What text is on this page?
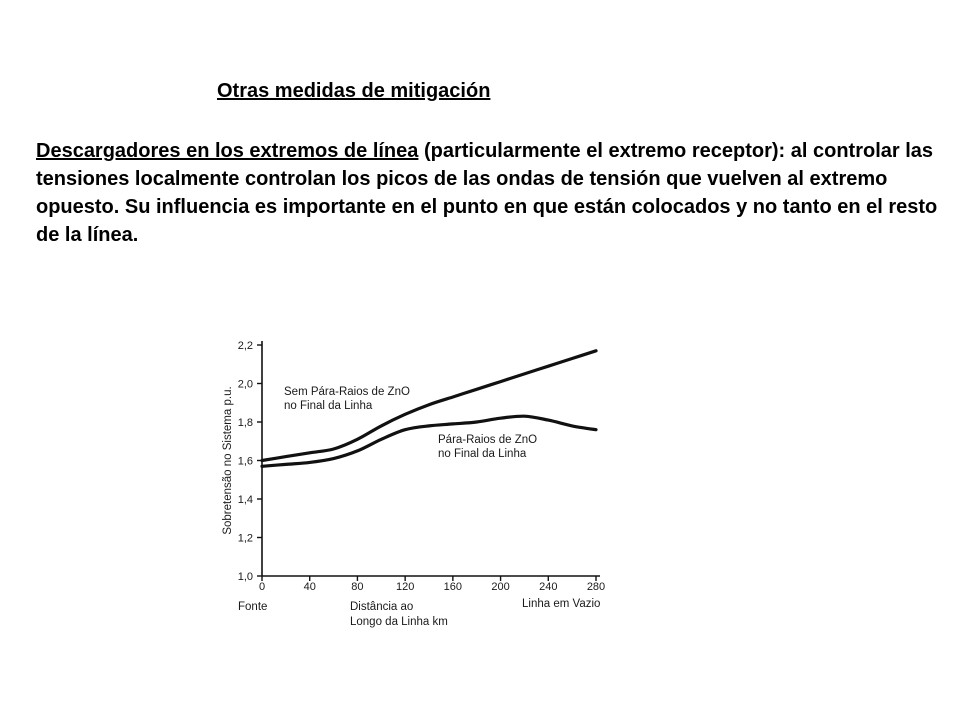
Otras medidas de mitigación

Descargadores en los extremos de línea (particularmente el extremo receptor): al controlar las tensiones localmente controlan los picos de las ondas de tensión que vuelven al extremo opuesto. Su influencia es importante en el punto en que están colocados y no tanto en el resto de la línea.

1,0
1,2
1,4
1,6
1,8
2,0
2,2
0	40	80	120	160	200	240	280
Sobretensão no Sistema p.u.
Distância ao
Longo da Linha km
Fonte	Linha em Vazio
Sem Pára-Raios de ZnO
no Final da Linha
Pára-Raios de ZnO
no Final da Linha
